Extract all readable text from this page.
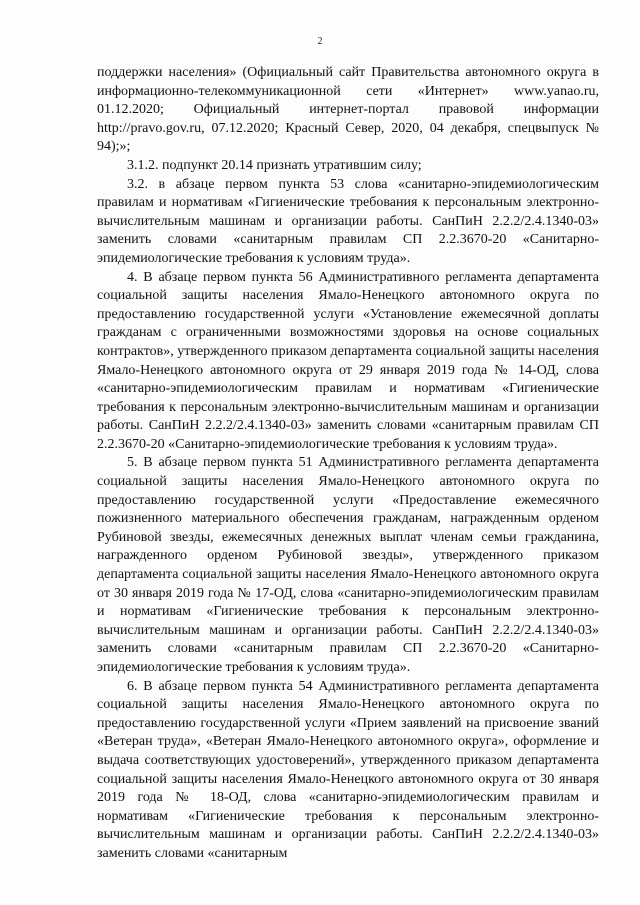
2

поддержки населения» (Официальный сайт Правительства автономного округа в информационно-телекоммуникационной сети «Интернет» www.yanao.ru, 01.12.2020; Официальный интернет-портал правовой информации http://pravo.gov.ru, 07.12.2020; Красный Север, 2020, 04 декабря, спецвыпуск № 94);»;

3.1.2. подпункт 20.14 признать утратившим силу;

3.2. в абзаце первом пункта 53 слова «санитарно-эпидемиологическим правилам и нормативам «Гигиенические требования к персональным электронно-вычислительным машинам и организации работы. СанПиН 2.2.2/2.4.1340-03» заменить словами «санитарным правилам СП 2.2.3670-20 «Санитарно-эпидемиологические требования к условиям труда».

4. В абзаце первом пункта 56 Административного регламента департамента социальной защиты населения Ямало-Ненецкого автономного округа по предоставлению государственной услуги «Установление ежемесячной доплаты гражданам с ограниченными возможностями здоровья на основе социальных контрактов», утвержденного приказом департамента социальной защиты населения Ямало-Ненецкого автономного округа от 29 января 2019 года № 14-ОД, слова «санитарно-эпидемиологическим правилам и нормативам «Гигиенические требования к персональным электронно-вычислительным машинам и организации работы. СанПиН 2.2.2/2.4.1340-03» заменить словами «санитарным правилам СП 2.2.3670-20 «Санитарно-эпидемиологические требования к условиям труда».

5. В абзаце первом пункта 51 Административного регламента департамента социальной защиты населения Ямало-Ненецкого автономного округа по предоставлению государственной услуги «Предоставление ежемесячного пожизненного материального обеспечения гражданам, награжденным орденом Рубиновой звезды, ежемесячных денежных выплат членам семьи гражданина, награжденного орденом Рубиновой звезды», утвержденного приказом департамента социальной защиты населения Ямало-Ненецкого автономного округа от 30 января 2019 года № 17-ОД, слова «санитарно-эпидемиологическим правилам и нормативам «Гигиенические требования к персональным электронно-вычислительным машинам и организации работы. СанПиН 2.2.2/2.4.1340-03» заменить словами «санитарным правилам СП 2.2.3670-20 «Санитарно-эпидемиологические требования к условиям труда».

6. В абзаце первом пункта 54 Административного регламента департамента социальной защиты населения Ямало-Ненецкого автономного округа по предоставлению государственной услуги «Прием заявлений на присвоение званий «Ветеран труда», «Ветеран Ямало-Ненецкого автономного округа», оформление и выдача соответствующих удостоверений», утвержденного приказом департамента социальной защиты населения Ямало-Ненецкого автономного округа от 30 января 2019 года № 18-ОД, слова «санитарно-эпидемиологическим правилам и нормативам «Гигиенические требования к персональным электронно-вычислительным машинам и организации работы. СанПиН 2.2.2/2.4.1340-03» заменить словами «санитарным
